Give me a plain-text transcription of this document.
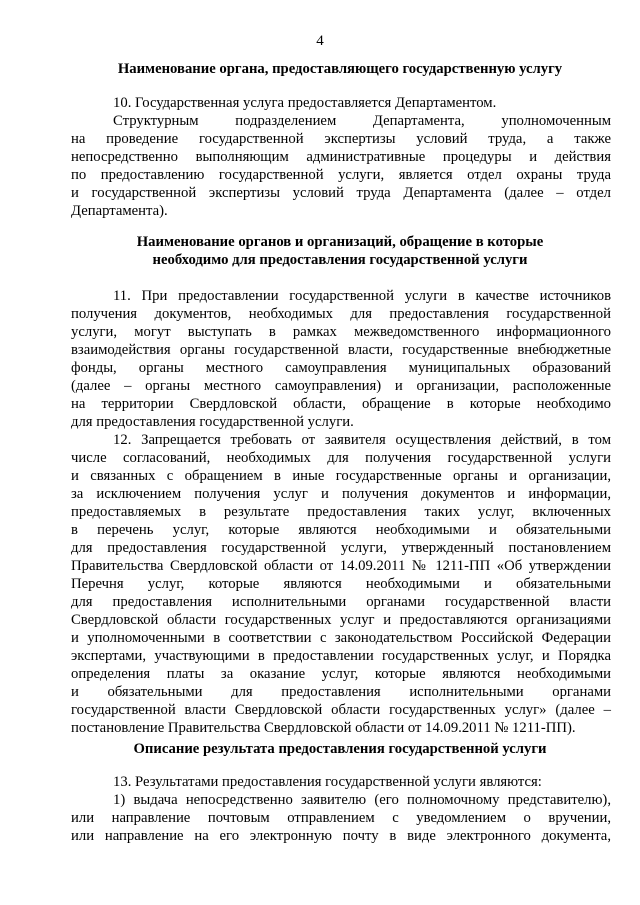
4
Наименование органа, предоставляющего государственную услугу
10. Государственная услуга предоставляется Департаментом.
Структурным подразделением Департамента, уполномоченным
на проведение государственной экспертизы условий труда, а также
непосредственно выполняющим административные процедуры и действия
по предоставлению государственной услуги, является отдел охраны труда
и государственной экспертизы условий труда Департамента (далее – отдел
Департамента).
Наименование органов и организаций, обращение в которые
необходимо для предоставления государственной услуги
11. При предоставлении государственной услуги в качестве источников
получения документов, необходимых для предоставления государственной
услуги, могут выступать в рамках межведомственного информационного
взаимодействия органы государственной власти, государственные внебюджетные
фонды, органы местного самоуправления муниципальных образований
(далее – органы местного самоуправления) и организации, расположенные
на территории Свердловской области, обращение в которые необходимо
для предоставления государственной услуги.
12. Запрещается требовать от заявителя осуществления действий, в том
числе согласований, необходимых для получения государственной услуги
и связанных с обращением в иные государственные органы и организации,
за исключением получения услуг и получения документов и информации,
предоставляемых в результате предоставления таких услуг, включенных
в перечень услуг, которые являются необходимыми и обязательными
для предоставления государственной услуги, утвержденный постановлением
Правительства Свердловской области от 14.09.2011 № 1211-ПП «Об утверждении
Перечня услуг, которые являются необходимыми и обязательными
для предоставления исполнительными органами государственной власти
Свердловской области государственных услуг и предоставляются организациями
и уполномоченными в соответствии с законодательством Российской Федерации
экспертами, участвующими в предоставлении государственных услуг, и Порядка
определения платы за оказание услуг, которые являются необходимыми
и обязательными для предоставления исполнительными органами
государственной власти Свердловской области государственных услуг» (далее –
постановление Правительства Свердловской области от 14.09.2011 № 1211-ПП).
Описание результата предоставления государственной услуги
13. Результатами предоставления государственной услуги являются:
1) выдача непосредственно заявителю (его полномочному представителю),
или направление почтовым отправлением с уведомлением о вручении,
или направление на его электронную почту в виде электронного документа,
